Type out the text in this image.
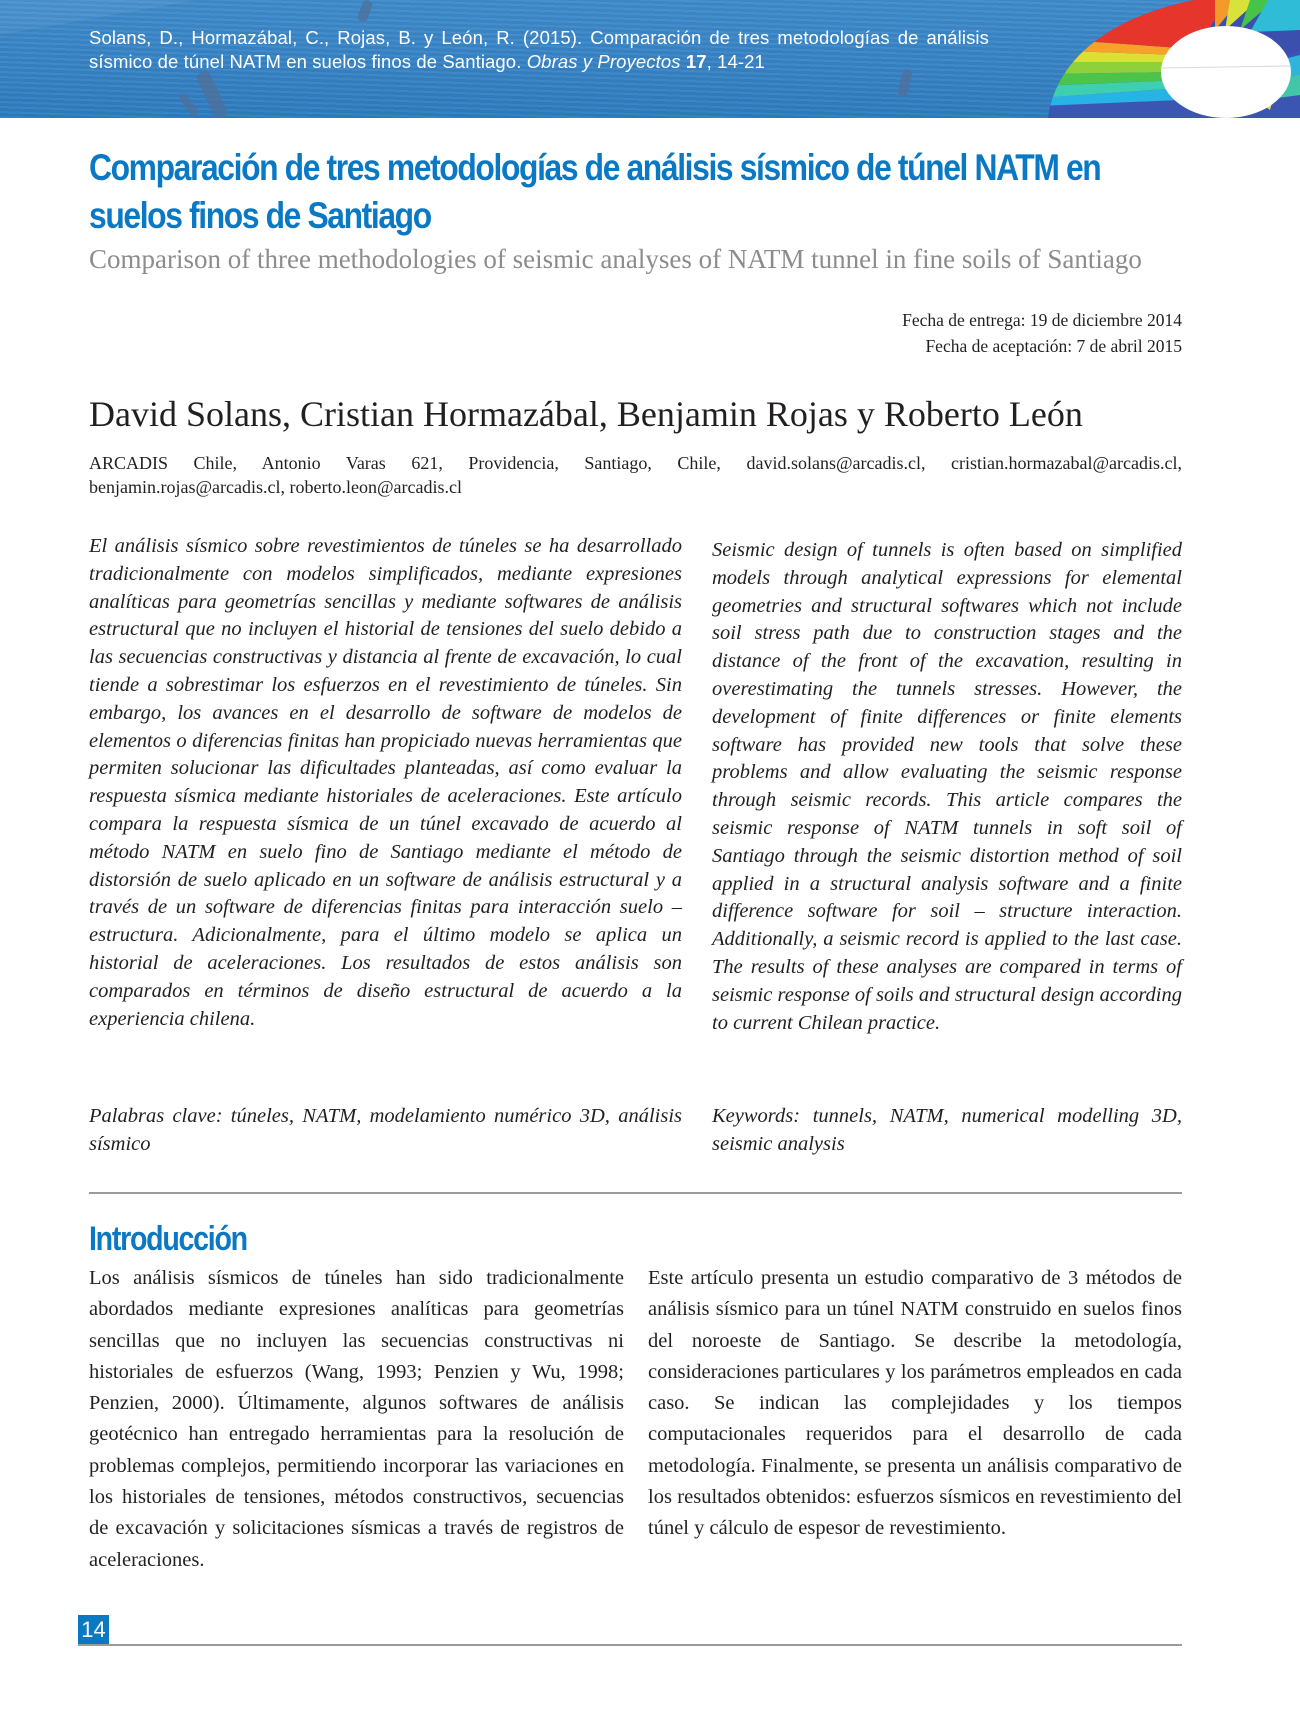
Solans, D., Hormazábal, C., Rojas, B. y León, R. (2015). Comparación de tres metodologías de análisis sísmico de túnel NATM en suelos finos de Santiago. Obras y Proyectos 17, 14-21
Comparación de tres metodologías de análisis sísmico de túnel NATM en suelos finos de Santiago
Comparison of three methodologies of seismic analyses of NATM tunnel in fine soils of Santiago
Fecha de entrega: 19 de diciembre 2014
Fecha de aceptación: 7 de abril 2015
David Solans, Cristian Hormazábal, Benjamin Rojas y Roberto León
ARCADIS Chile, Antonio Varas 621, Providencia, Santiago, Chile, david.solans@arcadis.cl, cristian.hormazabal@arcadis.cl, benjamin.rojas@arcadis.cl, roberto.leon@arcadis.cl
El análisis sísmico sobre revestimientos de túneles se ha desarrollado tradicionalmente con modelos simplificados, mediante expresiones analíticas para geometrías sencillas y mediante softwares de análisis estructural que no incluyen el historial de tensiones del suelo debido a las secuencias constructivas y distancia al frente de excavación, lo cual tiende a sobrestimar los esfuerzos en el revestimiento de túneles. Sin embargo, los avances en el desarrollo de software de modelos de elementos o diferencias finitas han propiciado nuevas herramientas que permiten solucionar las dificultades planteadas, así como evaluar la respuesta sísmica mediante historiales de aceleraciones. Este artículo compara la respuesta sísmica de un túnel excavado de acuerdo al método NATM en suelo fino de Santiago mediante el método de distorsión de suelo aplicado en un software de análisis estructural y a través de un software de diferencias finitas para interacción suelo – estructura. Adicionalmente, para el último modelo se aplica un historial de aceleraciones. Los resultados de estos análisis son comparados en términos de diseño estructural de acuerdo a la experiencia chilena.
Seismic design of tunnels is often based on simplified models through analytical expressions for elemental geometries and structural softwares which not include soil stress path due to construction stages and the distance of the front of the excavation, resulting in overestimating the tunnels stresses. However, the development of finite differences or finite elements software has provided new tools that solve these problems and allow evaluating the seismic response through seismic records. This article compares the seismic response of NATM tunnels in soft soil of Santiago through the seismic distortion method of soil applied in a structural analysis software and a finite difference software for soil – structure interaction. Additionally, a seismic record is applied to the last case. The results of these analyses are compared in terms of seismic response of soils and structural design according to current Chilean practice.
Palabras clave: túneles, NATM, modelamiento numérico 3D, análisis sísmico
Keywords: tunnels, NATM, numerical modelling 3D, seismic analysis
Introducción
Los análisis sísmicos de túneles han sido tradicionalmente abordados mediante expresiones analíticas para geometrías sencillas que no incluyen las secuencias constructivas ni historiales de esfuerzos (Wang, 1993; Penzien y Wu, 1998; Penzien, 2000). Últimamente, algunos softwares de análisis geotécnico han entregado herramientas para la resolución de problemas complejos, permitiendo incorporar las variaciones en los historiales de tensiones, métodos constructivos, secuencias de excavación y solicitaciones sísmicas a través de registros de aceleraciones.
Este artículo presenta un estudio comparativo de 3 métodos de análisis sísmico para un túnel NATM construido en suelos finos del noroeste de Santiago. Se describe la metodología, consideraciones particulares y los parámetros empleados en cada caso. Se indican las complejidades y los tiempos computacionales requeridos para el desarrollo de cada metodología. Finalmente, se presenta un análisis comparativo de los resultados obtenidos: esfuerzos sísmicos en revestimiento del túnel y cálculo de espesor de revestimiento.
14
